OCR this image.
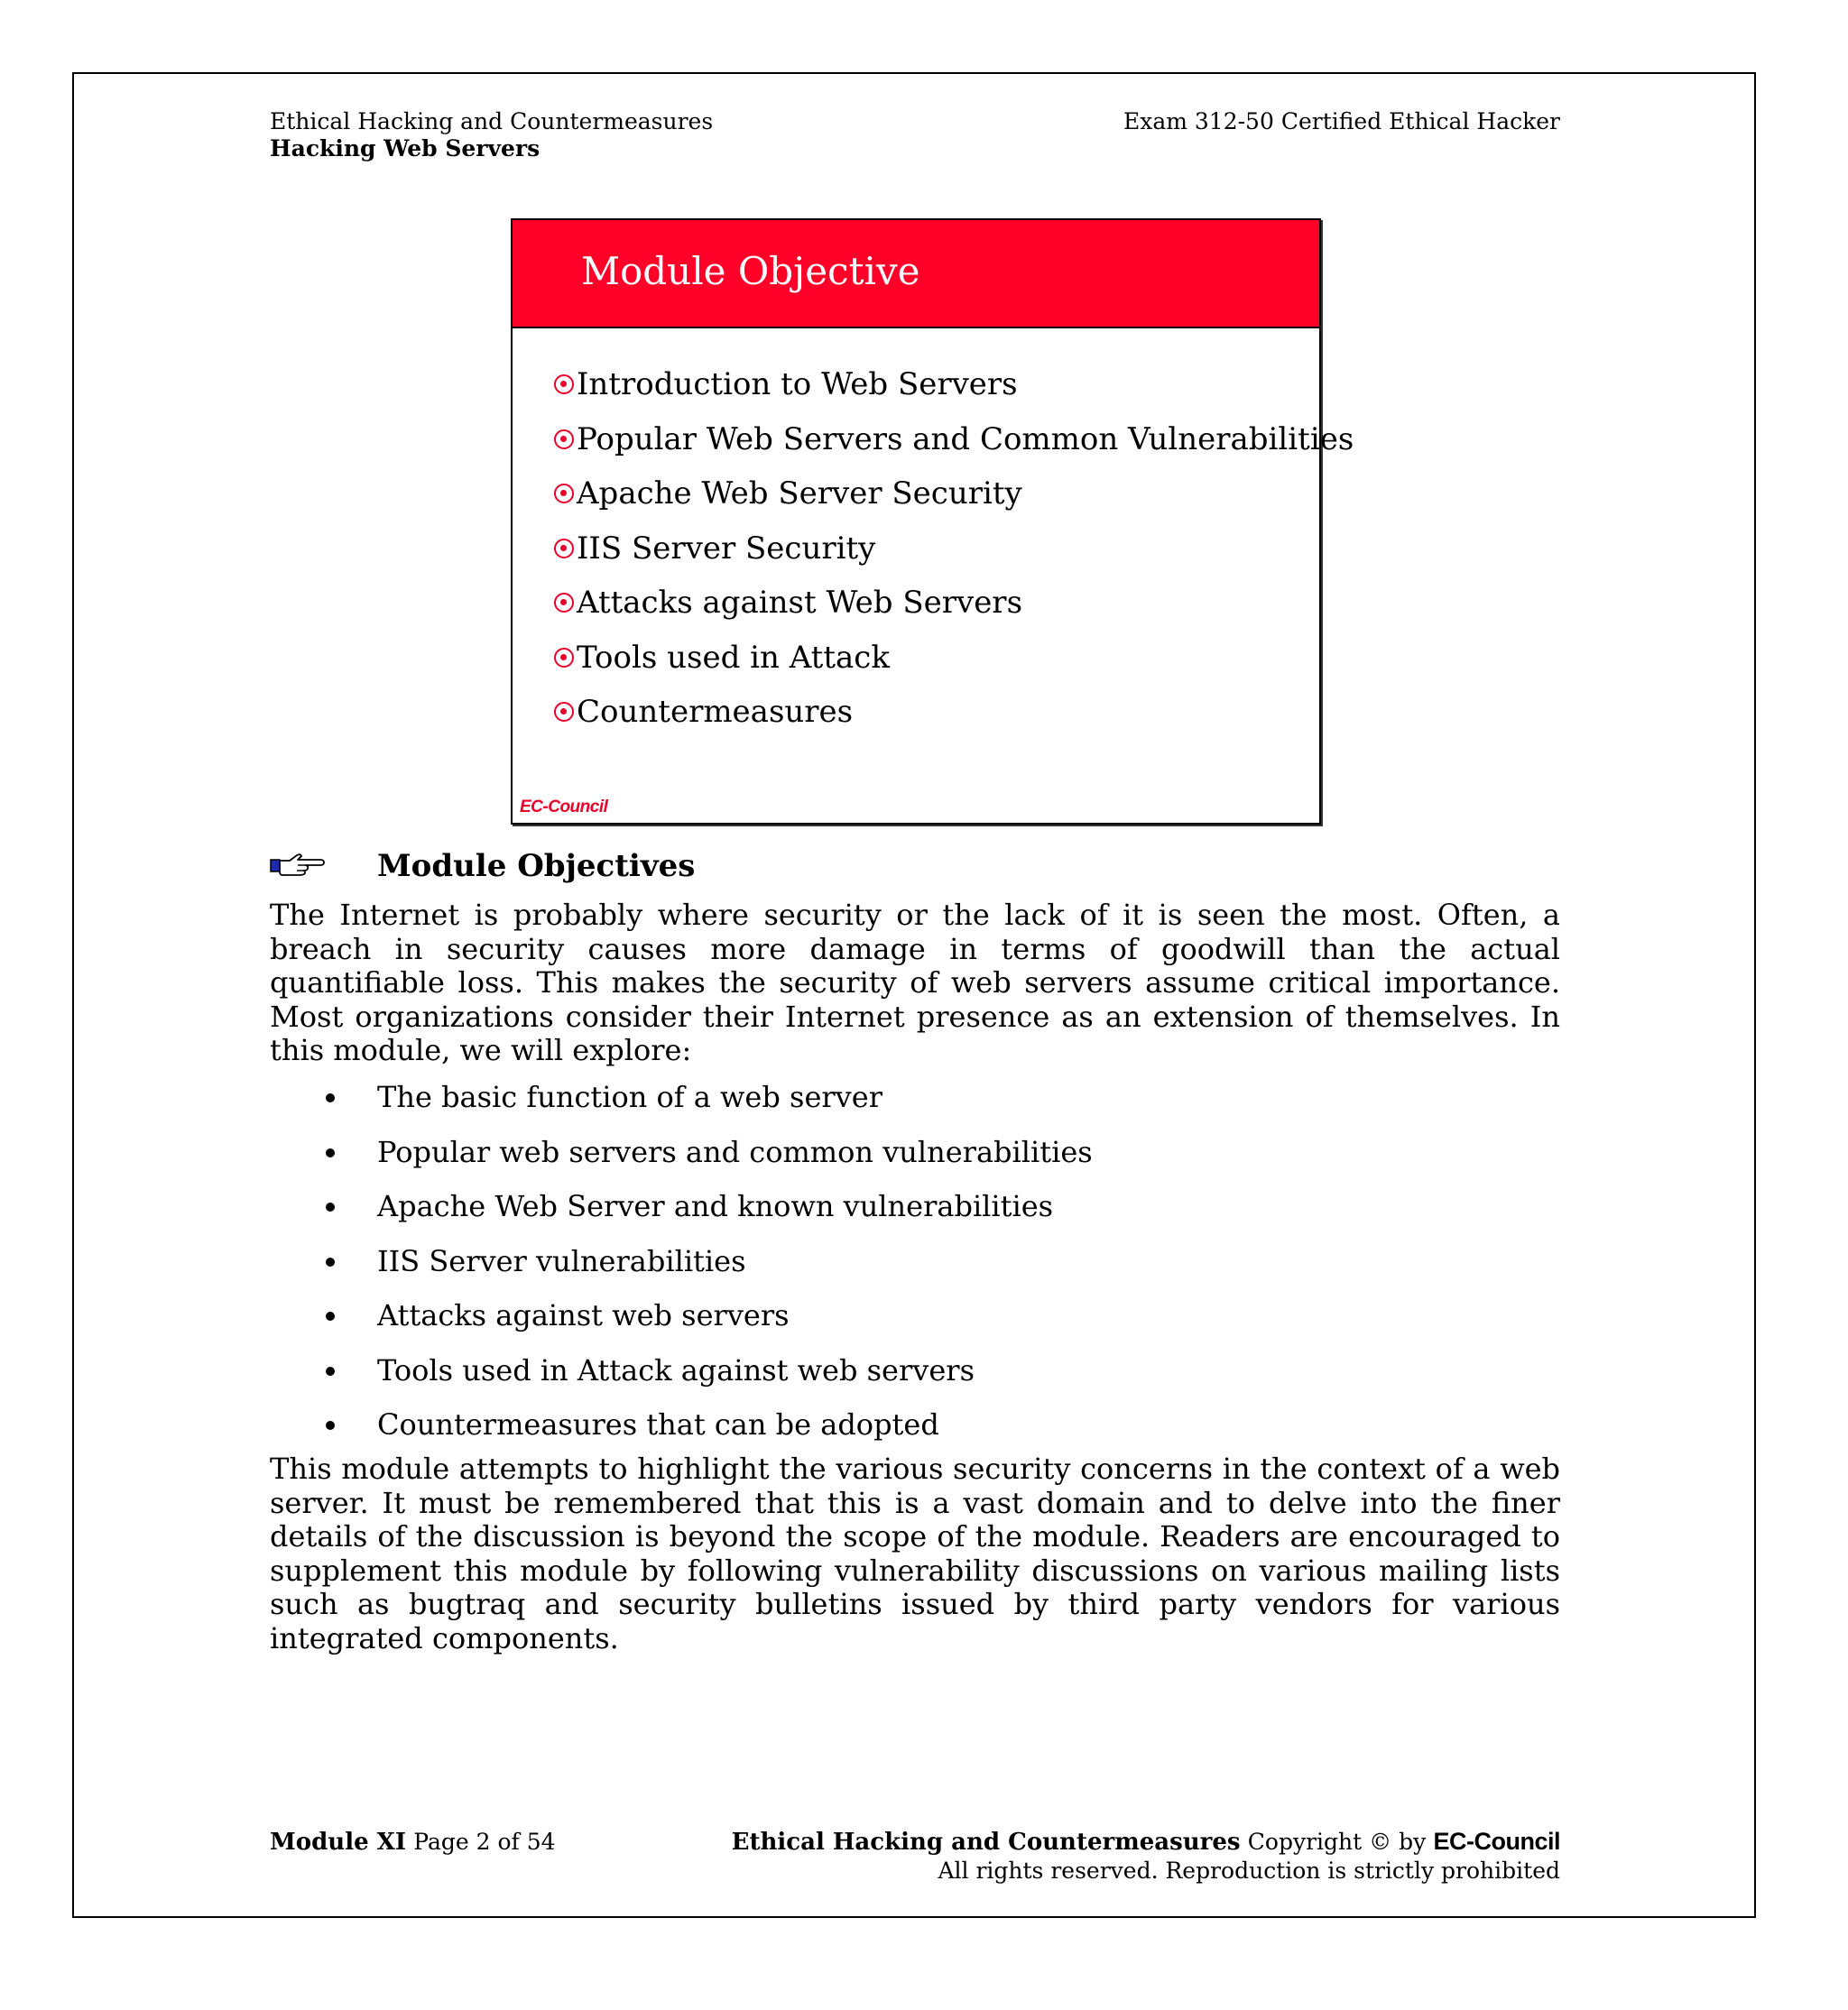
Ethical Hacking and Countermeasures
Hacking Web Servers
Exam 312-50 Certified Ethical Hacker
Module Objective
Introduction to Web Servers
Popular Web Servers and Common Vulnerabilities
Apache Web Server Security
IIS Server Security
Attacks against Web Servers
Tools used in Attack
Countermeasures
EC-Council
Module Objectives

The Internet is probably where security or the lack of it is seen the most. Often, a breach in security causes more damage in terms of goodwill than the actual quantifiable loss. This makes the security of web servers assume critical importance. Most organizations consider their Internet presence as an extension of themselves. In this module, we will explore:

The basic function of a web server
Popular web servers and common vulnerabilities
Apache Web Server and known vulnerabilities
IIS Server vulnerabilities
Attacks against web servers
Tools used in Attack against web servers
Countermeasures that can be adopted

This module attempts to highlight the various security concerns in the context of a web server. It must be remembered that this is a vast domain and to delve into the finer details of the discussion is beyond the scope of the module. Readers are encouraged to supplement this module by following vulnerability discussions on various mailing lists such as bugtraq and security bulletins issued by third party vendors for various integrated components.

Module XI Page 2 of 54	Ethical Hacking and Countermeasures Copyright © by EC-Council
All rights reserved. Reproduction is strictly prohibited
